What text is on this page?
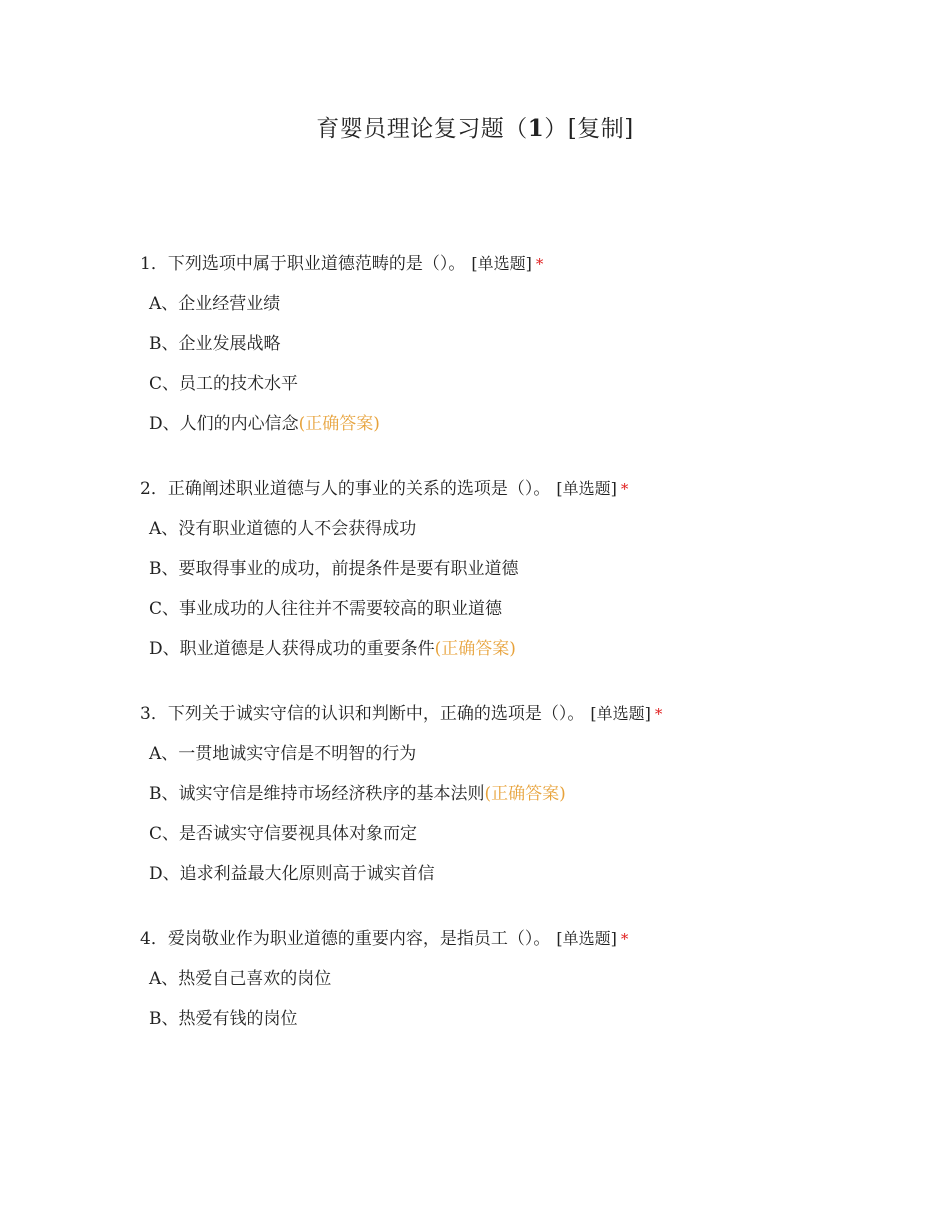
育婴员理论复习题（1）[复制]
1．下列选项中属于职业道德范畴的是（）。 [单选题] *
A、企业经营业绩
B、企业发展战略
C、员工的技术水平
D、人们的内心信念(正确答案)
2．正确阐述职业道德与人的事业的关系的选项是（）。 [单选题] *
A、没有职业道德的人不会获得成功
B、要取得事业的成功，前提条件是要有职业道德
C、事业成功的人往往并不需要较高的职业道德
D、职业道德是人获得成功的重要条件(正确答案)
3．下列关于诚实守信的认识和判断中，正确的选项是（）。 [单选题] *
A、一贯地诚实守信是不明智的行为
B、诚实守信是维持市场经济秩序的基本法则(正确答案)
C、是否诚实守信要视具体对象而定
D、追求利益最大化原则高于诚实首信
4．爱岗敬业作为职业道德的重要内容，是指员工（）。 [单选题] *
A、热爱自己喜欢的岗位
B、热爱有钱的岗位
